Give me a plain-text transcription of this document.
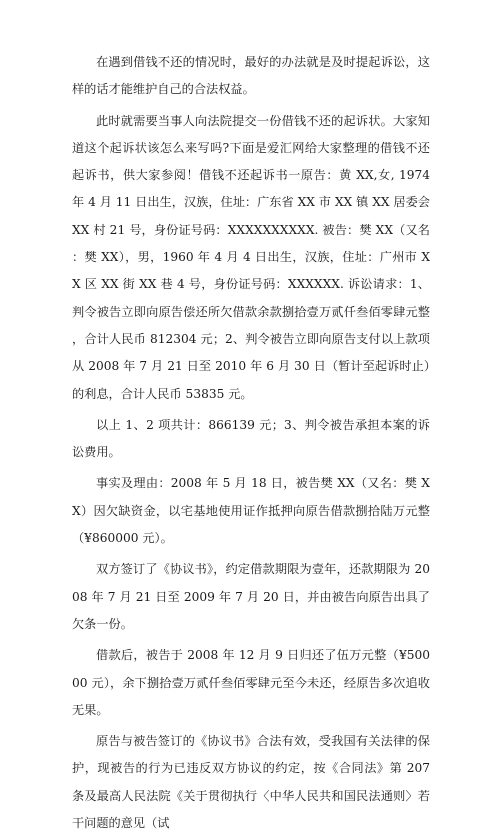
在遇到借钱不还的情况时，最好的办法就是及时提起诉讼，这样的话才能维护自己的合法权益。

此时就需要当事人向法院提交一份借钱不还的起诉状。大家知道这个起诉状该怎么来写吗?下面是爱汇网给大家整理的借钱不还起诉书，供大家参阅！借钱不还起诉书一原告：黄 XX,女, 1974 年 4 月 11 日出生，汉族，住址：广东省 XX 市 XX 镇 XX 居委会 XX 村 21 号，身份证号码：XXXXXXXXXX. 被告：樊 XX（又名：樊 XX），男，1960 年 4 月 4 日出生，汉族，住址：广州市 XX 区 XX 街 XX 巷 4 号，身份证号码：XXXXXX. 诉讼请求：1、判令被告立即向原告偿还所欠借款余款捌拾壹万贰仟叁佰零肆元整，合计人民币 812304 元；2、判令被告立即向原告支付以上款项从 2008 年 7 月 21 日至 2010 年 6 月 30 日（暂计至起诉时止）的利息，合计人民币 53835 元。

以上 1、2 项共计：866139 元；3、判令被告承担本案的诉讼费用。

事实及理由：2008 年 5 月 18 日，被告樊 XX（又名：樊 XX）因欠缺资金，以宅基地使用证作抵押向原告借款捌拾陆万元整（¥860000 元）。

双方签订了《协议书》，约定借款期限为壹年，还款期限为 2008 年 7 月 21 日至 2009 年 7 月 20 日，并由被告向原告出具了欠条一份。

借款后，被告于 2008 年 12 月 9 日归还了伍万元整（¥50000 元），余下捌拾壹万贰仟叁佰零肆元至今未还，经原告多次追收无果。

原告与被告签订的《协议书》合法有效，受我国有关法律的保护，现被告的行为已违反双方协议的约定，按《合同法》第 207 条及最高人民法院《关于贯彻执行〈中华人民共和国民法通则〉若干问题的意见（试
